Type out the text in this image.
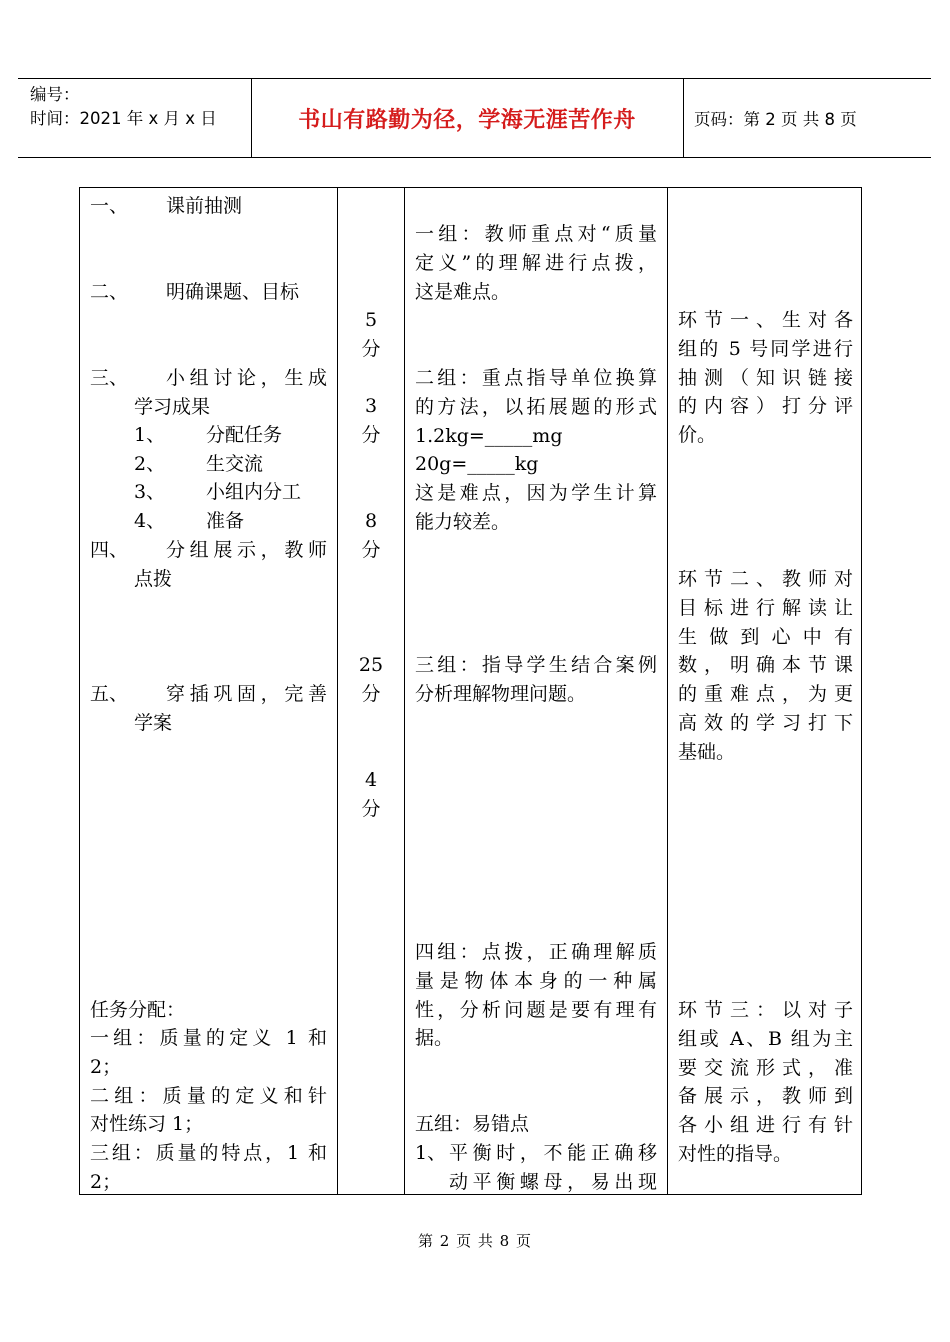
编号：
时间：2021 年 x 月 x 日	书山有路勤为径，学海无涯苦作舟	页码：第 2 页 共 8 页
一、 课前抽测
二、 明确课题、目标
三、 小组讨论，生成
学习成果
1、 分配任务
2、 生交流
3、 小组内分工
4、 准备
四、 分组展示，教师
点拨
五、 穿插巩固，完善
学案
任务分配：
一组：质量的定义 1 和
2；
二组：质量的定义和针
对性练习 1；
三组：质量的特点，1 和
2；
5
分
3
分
8
分
25
分
4
分
一组：教师重点对“质量
定义”的理解进行点拨，
这是难点。
二组：重点指导单位换算
的方法，以拓展题的形式
1.2kg=_____mg
20g=_____kg
这是难点，因为学生计算
能力较差。
三组：指导学生结合案例
分析理解物理问题。
四组：点拨，正确理解质
量是物体本身的一种属
性，分析问题是要有理有
据。
五组：易错点
1、 平衡时，不能正确移
动平衡螺母，易出现
环节一、生对各
组的 5 号同学进行
抽测（知识链接
的内容）打分评
价。
环节二、教师对
目标进行解读让
生做到心中有
数，明确本节课
的重难点，为更
高效的学习打下
基础。
环节三：以对子
组或 A、B 组为主
要交流形式，准
备展示，教师到
各小组进行有针
对性的指导。
第 2 页 共 8 页
